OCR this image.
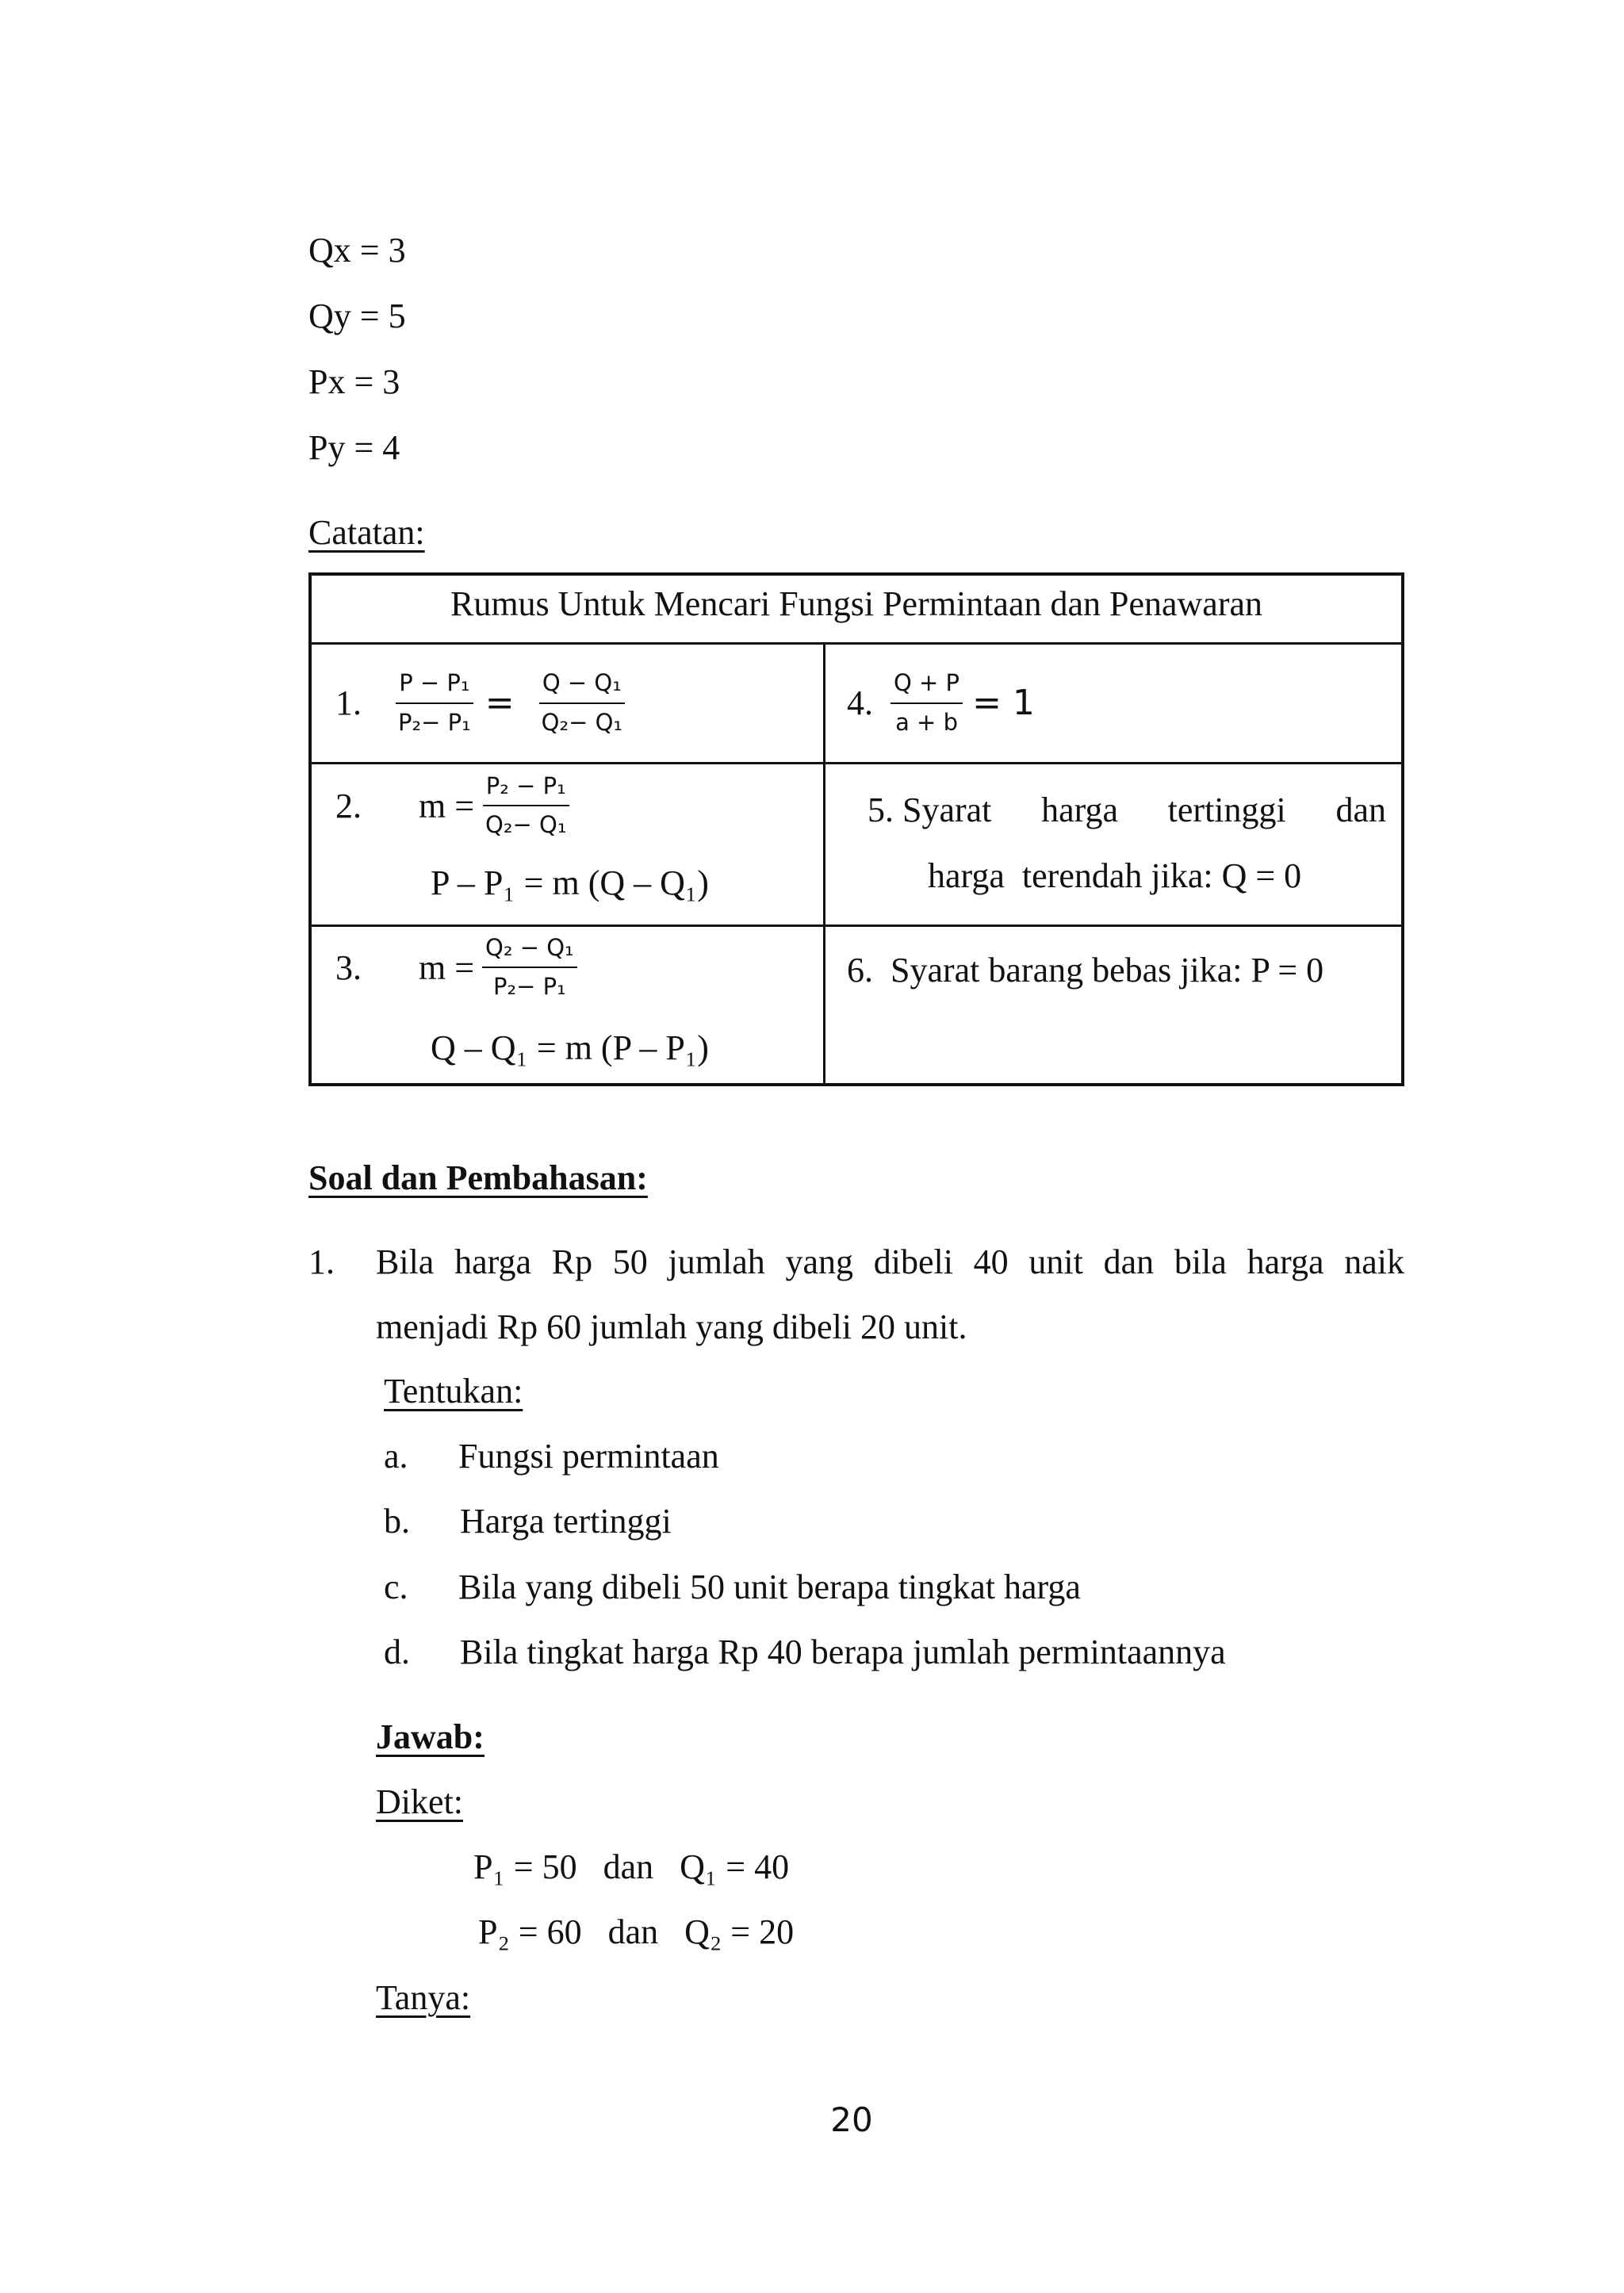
Qx = 3
Qy = 5
Px = 3
Py = 4
Catatan:
Rumus Untuk Mencari Fungsi Permintaan dan Penawaran
1. $\frac{\text{P − P₁}}{\text{P₂− P₁}} = \frac{\text{Q − Q₁}}{\text{Q₂− Q₁}}$	4. $\frac{Q + P}{a + b} = 1$
2. $m = \frac{\text{P₂ − P₁}}{\text{Q₂− Q₁}}$
P – P₁ = m (Q – Q₁)
5. Syarat harga tertinggi dan
harga  terendah jika: Q = 0
3. $m = \frac{\text{Q₂ − Q₁}}{\text{P₂− P₁}}$
Q – Q₁ = m (P – P₁)
6.  Syarat barang bebas jika: P = 0
Soal dan Pembahasan:
1. Bila harga Rp 50 jumlah yang dibeli 40 unit dan bila harga naik
menjadi Rp 60 jumlah yang dibeli 20 unit.
Tentukan:
a. Fungsi permintaan
b. Harga tertinggi
c. Bila yang dibeli 50 unit berapa tingkat harga
d. Bila tingkat harga Rp 40 berapa jumlah permintaannya
Jawab:
Diket:
P₁ = 50   dan   Q₁ = 40
P₂ = 60   dan   Q₂ = 20
Tanya:
20
